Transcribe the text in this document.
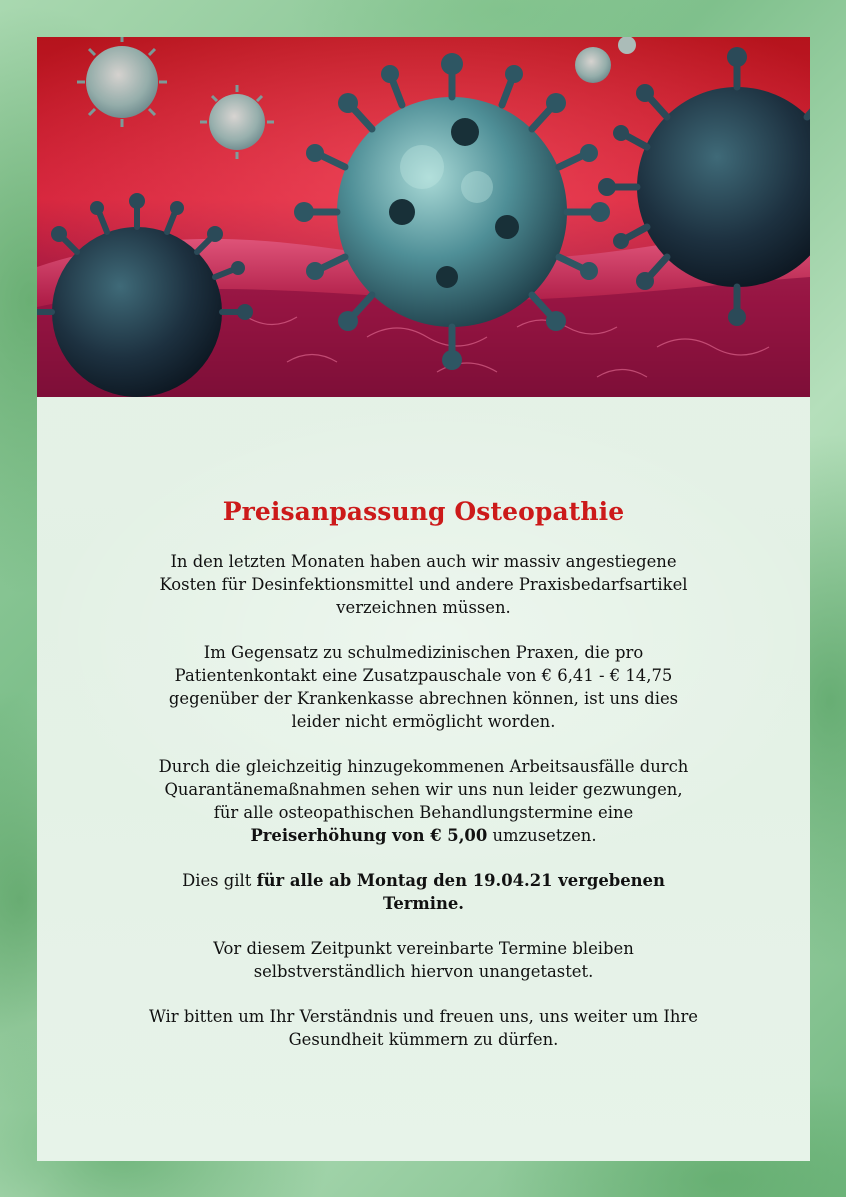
Preisanpassung Osteopathie

In den letzten Monaten haben auch wir massiv angestiegene
Kosten für Desinfektionsmittel und andere Praxisbedarfsartikel
verzeichnen müssen.

Im Gegensatz zu schulmedizinischen Praxen, die pro
Patientenkontakt eine Zusatzpauschale von € 6,41 - € 14,75
gegenüber der Krankenkasse abrechnen können, ist uns dies
leider nicht ermöglicht worden.

Durch die gleichzeitig hinzugekommenen Arbeitsausfälle durch
Quarantänemaßnahmen sehen wir uns nun leider gezwungen,
für alle osteopathischen Behandlungstermine eine
Preiserhöhung von € 5,00 umzusetzen.

Dies gilt für alle ab Montag den 19.04.21 vergebenen
Termine.

Vor diesem Zeitpunkt vereinbarte Termine bleiben
selbstverständlich hiervon unangetastet.

Wir bitten um Ihr Verständnis und freuen uns, uns weiter um Ihre
Gesundheit kümmern zu dürfen.
